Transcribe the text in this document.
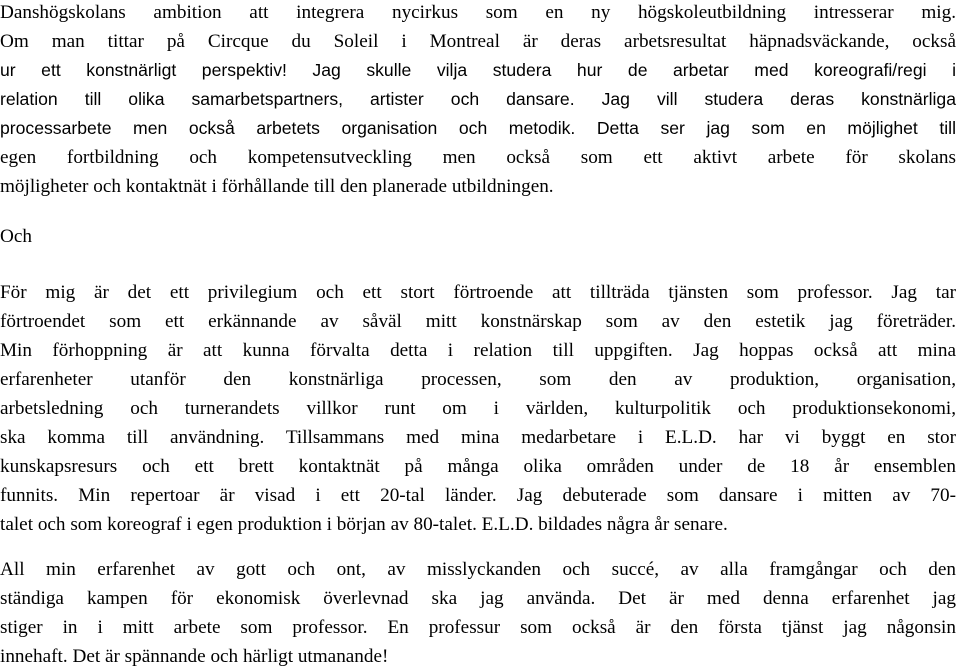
Danshögskolans ambition att integrera nycirkus som en ny högskoleutbildning intresserar mig.
Om man tittar på Circque du Soleil i Montreal är deras arbetsresultat häpnadsväckande, också
ur ett konstnärligt perspektiv! Jag skulle vilja studera hur de arbetar med koreografi/regi i
relation till olika samarbetspartners, artister och dansare. Jag vill studera deras konstnärliga
processarbete men också arbetets organisation och metodik. Detta ser jag som en möjlighet till
egen fortbildning och kompetensutveckling men också som ett aktivt arbete för skolans
möjligheter och kontaktnät i förhållande till den planerade utbildningen.
Och
För mig är det ett privilegium och ett stort förtroende att tillträda tjänsten som professor. Jag tar
förtroendet som ett erkännande av såväl mitt konstnärskap som av den estetik jag företräder.
Min förhoppning är att kunna förvalta detta i relation till uppgiften. Jag hoppas också att mina
erfarenheter utanför den konstnärliga processen, som den av produktion, organisation,
arbetsledning och turnerandets villkor runt om i världen, kulturpolitik och produktionsekonomi,
ska komma till användning. Tillsammans med mina medarbetare i E.L.D. har vi byggt en stor
kunskapsresurs och ett brett kontaktnät på många olika områden under de 18 år ensemblen
funnits. Min repertoar är visad i ett 20-tal länder. Jag debuterade som dansare i mitten av 70-
talet och som koreograf i egen produktion i början av 80-talet. E.L.D. bildades några år senare.
All min erfarenhet av gott och ont, av misslyckanden och succé, av alla framgångar och den
ständiga kampen för ekonomisk överlevnad ska jag använda. Det är med denna erfarenhet jag
stiger in i mitt arbete som professor. En professur som också är den första tjänst jag någonsin
innehaft. Det är spännande och härligt utmanande!
